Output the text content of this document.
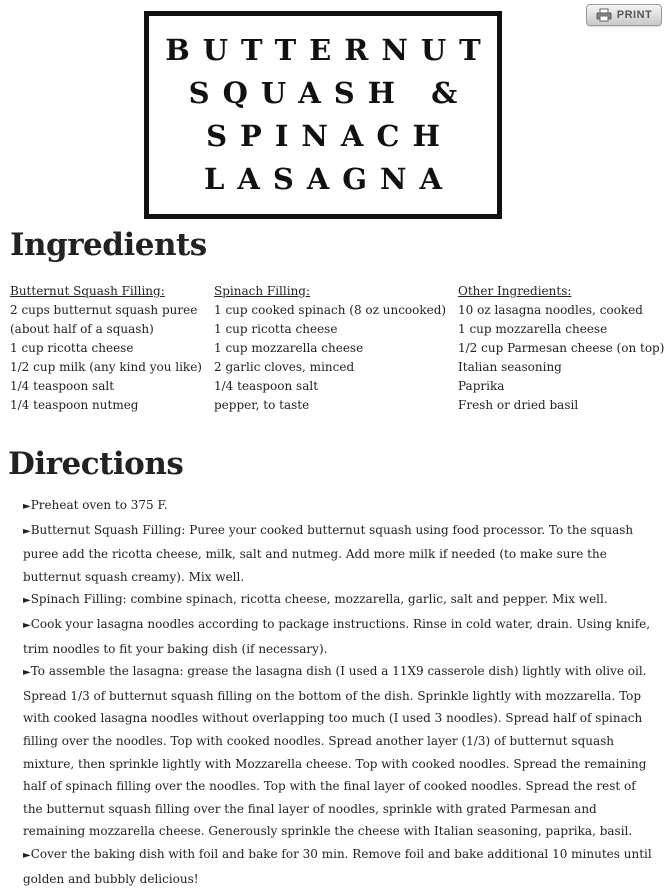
PRINT
BUTTERNUT
SQUASH &
SPINACH
LASAGNA
Ingredients
Butternut Squash Filling:
2 cups butternut squash puree
(about half of a squash)
1 cup ricotta cheese
1/2 cup milk (any kind you like)
1/4 teaspoon salt
1/4 teaspoon nutmeg
Spinach Filling:
1 cup cooked spinach (8 oz uncooked)
1 cup ricotta cheese
1 cup mozzarella cheese
2 garlic cloves, minced
1/4 teaspoon salt
pepper, to taste
Other Ingredients:
10 oz lasagna noodles, cooked
1 cup mozzarella cheese
1/2 cup Parmesan cheese (on top)
Italian seasoning
Paprika
Fresh or dried basil
Directions

►Preheat oven to 375 F.

►Butternut Squash Filling: Puree your cooked butternut squash using food processor. To the squash puree add the ricotta cheese, milk, salt and nutmeg. Add more milk if needed (to make sure the butternut squash creamy). Mix well.

►Spinach Filling: combine spinach, ricotta cheese, mozzarella, garlic, salt and pepper. Mix well.

►Cook your lasagna noodles according to package instructions. Rinse in cold water, drain. Using knife, trim noodles to fit your baking dish (if necessary).

►To assemble the lasagna: grease the lasagna dish (I used a 11X9 casserole dish) lightly with olive oil. Spread 1/3 of butternut squash filling on the bottom of the dish. Sprinkle lightly with mozzarella. Top with cooked lasagna noodles without overlapping too much (I used 3 noodles). Spread half of spinach filling over the noodles. Top with cooked noodles. Spread another layer (1/3) of butternut squash mixture, then sprinkle lightly with Mozzarella cheese. Top with cooked noodles. Spread the remaining half of spinach filling over the noodles. Top with the final layer of cooked noodles. Spread the rest of the butternut squash filling over the final layer of noodles, sprinkle with grated Parmesan and remaining mozzarella cheese. Generously sprinkle the cheese with Italian seasoning, paprika, basil.

►Cover the baking dish with foil and bake for 30 min. Remove foil and bake additional 10 minutes until golden and bubbly delicious!
